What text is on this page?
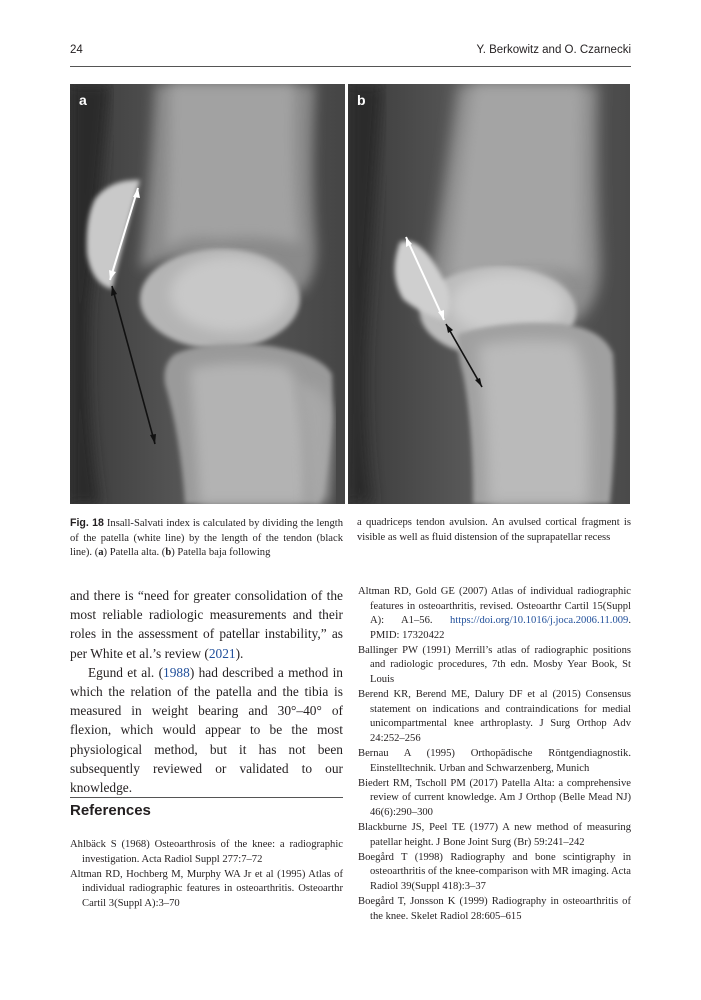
24	Y. Berkowitz and O. Czarnecki
a	b
Fig. 18 Insall-Salvati index is calculated by dividing the length of the patella (white line) by the length of the tendon (black line). (a) Patella alta. (b) Patella baja following
a quadriceps tendon avulsion. An avulsed cortical fragment is visible as well as fluid distension of the suprapatellar recess

and there is “need for greater consolidation of the most reliable radiologic measurements and their roles in the assessment of patellar instability,” as per White et al.’s review (2021).

Egund et al. (1988) had described a method in which the relation of the patella and the tibia is measured in weight bearing and 30°–40° of flexion, which would appear to be the most physiological method, but it has not been subsequently reviewed or validated to our knowledge.

References

Ahlbäck S (1968) Osteoarthrosis of the knee: a radiographic investigation. Acta Radiol Suppl 277:7–72

Altman RD, Hochberg M, Murphy WA Jr et al (1995) Atlas of individual radiographic features in osteoarthritis. Osteoarthr Cartil 3(Suppl A):3–70

Altman RD, Gold GE (2007) Atlas of individual radiographic features in osteoarthritis, revised. Osteoarthr Cartil 15(Suppl A): A1–56. https://doi.org/10.1016/j.joca.2006.11.009. PMID: 17320422

Ballinger PW (1991) Merrill’s atlas of radiographic positions and radiologic procedures, 7th edn. Mosby Year Book, St Louis

Berend KR, Berend ME, Dalury DF et al (2015) Consensus statement on indications and contraindications for medial unicompartmental knee arthroplasty. J Surg Orthop Adv 24:252–256

Bernau A (1995) Orthopädische Röntgendiagnostik. Einstelltechnik. Urban and Schwarzenberg, Munich

Biedert RM, Tscholl PM (2017) Patella Alta: a comprehensive review of current knowledge. Am J Orthop (Belle Mead NJ) 46(6):290–300

Blackburne JS, Peel TE (1977) A new method of measuring patellar height. J Bone Joint Surg (Br) 59:241–242

Boegård T (1998) Radiography and bone scintigraphy in osteoarthritis of the knee-comparison with MR imaging. Acta Radiol 39(Suppl 418):3–37

Boegård T, Jonsson K (1999) Radiography in osteoarthritis of the knee. Skelet Radiol 28:605–615
